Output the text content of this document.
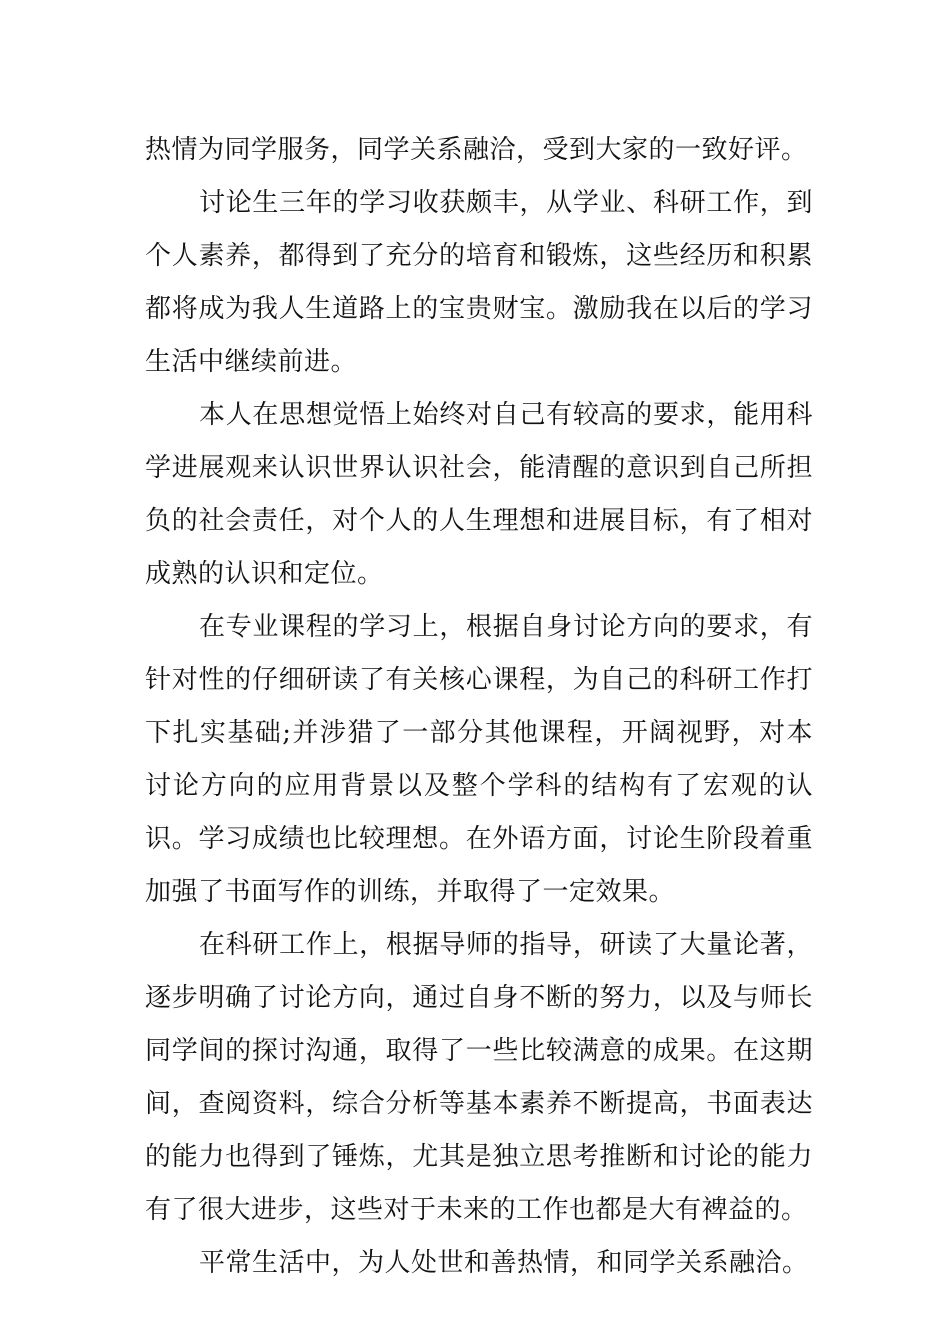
热情为同学服务，同学关系融洽，受到大家的一致好评。

讨论生三年的学习收获颇丰，从学业、科研工作，到个人素养，都得到了充分的培育和锻炼，这些经历和积累都将成为我人生道路上的宝贵财宝。激励我在以后的学习生活中继续前进。

本人在思想觉悟上始终对自己有较高的要求，能用科学进展观来认识世界认识社会，能清醒的意识到自己所担负的社会责任，对个人的人生理想和进展目标，有了相对成熟的认识和定位。

在专业课程的学习上，根据自身讨论方向的要求，有针对性的仔细研读了有关核心课程，为自己的科研工作打下扎实基础;并涉猎了一部分其他课程，开阔视野，对本讨论方向的应用背景以及整个学科的结构有了宏观的认识。学习成绩也比较理想。在外语方面，讨论生阶段着重加强了书面写作的训练，并取得了一定效果。

在科研工作上，根据导师的指导，研读了大量论著，逐步明确了讨论方向，通过自身不断的努力，以及与师长同学间的探讨沟通，取得了一些比较满意的成果。在这期间，查阅资料，综合分析等基本素养不断提高，书面表达的能力也得到了锤炼，尤其是独立思考推断和讨论的能力有了很大进步，这些对于未来的工作也都是大有裨益的。

平常生活中，为人处世和善热情，和同学关系融洽。
